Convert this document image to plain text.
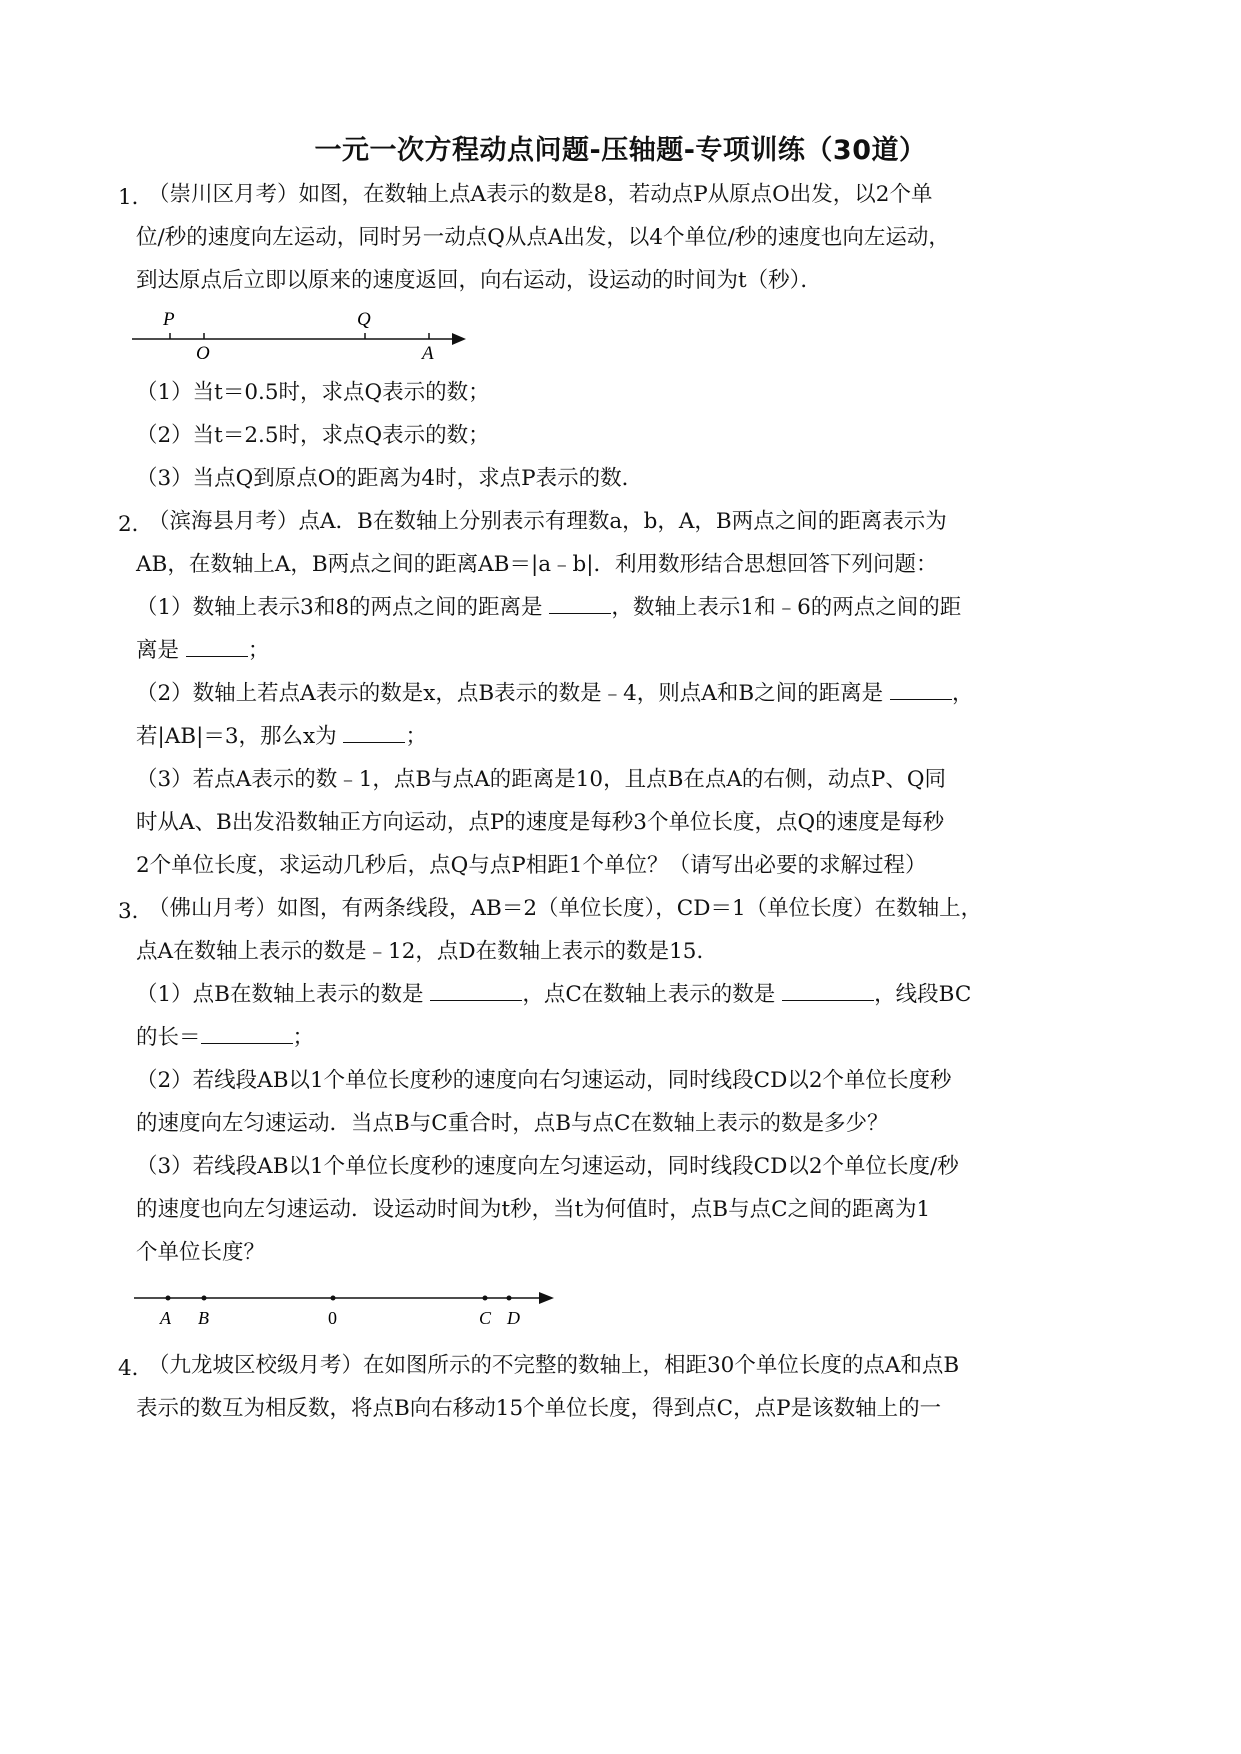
一元一次方程动点问题-压轴题-专项训练（30道）
1．
（崇川区月考）如图，在数轴上点A表示的数是8，若动点P从原点O出发，以2个单
位/秒的速度向左运动，同时另一动点Q从点A出发，以4个单位/秒的速度也向左运动，
到达原点后立即以原来的速度返回，向右运动，设运动的时间为t（秒）．
P
O
Q
A
（1）当t＝0.5时，求点Q表示的数；
（2）当t＝2.5时，求点Q表示的数；
（3）当点Q到原点O的距离为4时，求点P表示的数．
2．
（滨海县月考）点A．B在数轴上分别表示有理数a，b，A，B两点之间的距离表示为
AB，在数轴上A，B两点之间的距离AB＝|a﹣b|．利用数形结合思想回答下列问题：
（1）数轴上表示3和8的两点之间的距离是	，数轴上表示1和﹣6的两点之间的距
离是	；
（2）数轴上若点A表示的数是x，点B表示的数是﹣4，则点A和B之间的距离是	，
若|AB|＝3，那么x为	；
（3）若点A表示的数﹣1，点B与点A的距离是10，且点B在点A的右侧，动点P、Q同
时从A、B出发沿数轴正方向运动，点P的速度是每秒3个单位长度，点Q的速度是每秒
2个单位长度，求运动几秒后，点Q与点P相距1个单位？（请写出必要的求解过程）
3．
（佛山月考）如图，有两条线段，AB＝2（单位长度），CD＝1（单位长度）在数轴上，
点A在数轴上表示的数是﹣12，点D在数轴上表示的数是15．
（1）点B在数轴上表示的数是	，点C在数轴上表示的数是	，线段BC
的长＝	；
（2）若线段AB以1个单位长度秒的速度向右匀速运动，同时线段CD以2个单位长度秒
的速度向左匀速运动．当点B与C重合时，点B与点C在数轴上表示的数是多少？
（3）若线段AB以1个单位长度秒的速度向左匀速运动，同时线段CD以2个单位长度/秒
的速度也向左匀速运动．设运动时间为t秒，当t为何值时，点B与点C之间的距离为1
个单位长度？
A B	0	C D
4．
（九龙坡区校级月考）在如图所示的不完整的数轴上，相距30个单位长度的点A和点B
表示的数互为相反数，将点B向右移动15个单位长度，得到点C，点P是该数轴上的一
